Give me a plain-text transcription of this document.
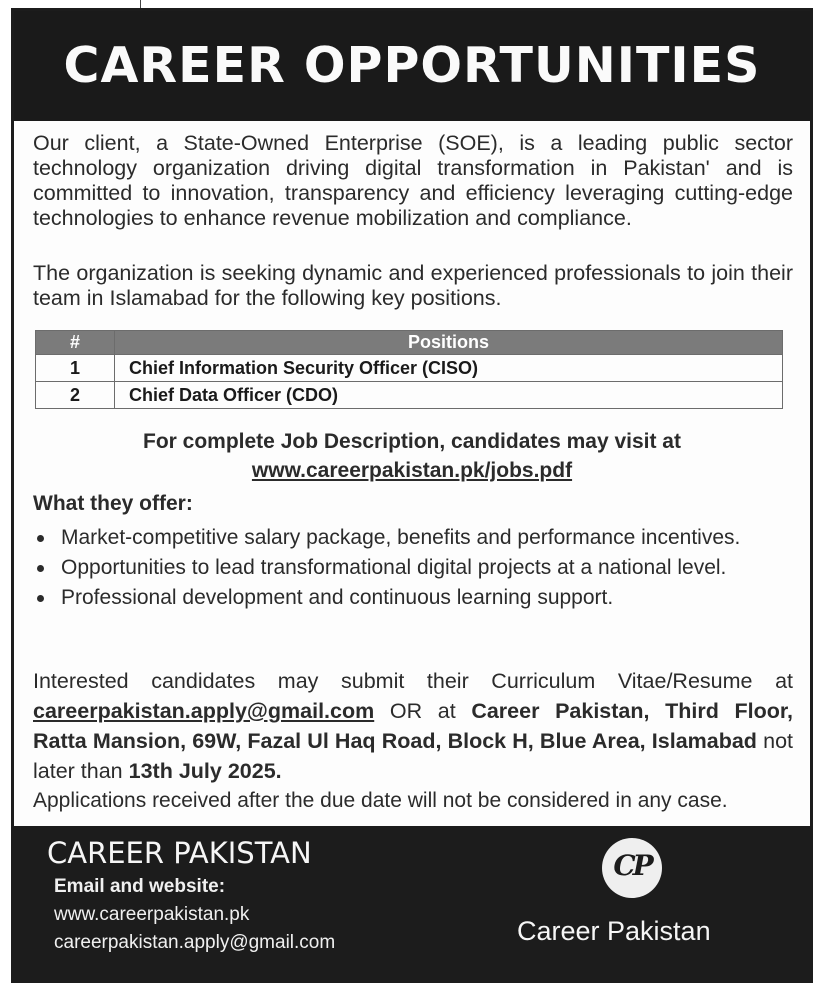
CAREER OPPORTUNITIES

Our client, a State-Owned Enterprise (SOE), is a leading public sector technology organization driving digital transformation in Pakistan' and is committed to innovation, transparency and efficiency leveraging cutting-edge technologies to enhance revenue mobilization and compliance.

The organization is seeking dynamic and experienced professionals to join their team in Islamabad for the following key positions.

#	Positions
1	Chief Information Security Officer (CISO)
2	Chief Data Officer (CDO)
For complete Job Description, candidates may visit at
www.careerpakistan.pk/jobs.pdf
What they offer:
Market-competitive salary package, benefits and performance incentives.
Opportunities to lead transformational digital projects at a national level.
Professional development and continuous learning support.

Interested candidates may submit their Curriculum Vitae/Resume at careerpakistan.apply@gmail.com OR at Career Pakistan, Third Floor, Ratta Mansion, 69W, Fazal Ul Haq Road, Block H, Blue Area, Islamabad not later than 13th July 2025.

Applications received after the due date will not be considered in any case.
CAREER PAKISTAN
Email and website:
www.careerpakistan.pk
careerpakistan.apply@gmail.com
CP
Career Pakistan
